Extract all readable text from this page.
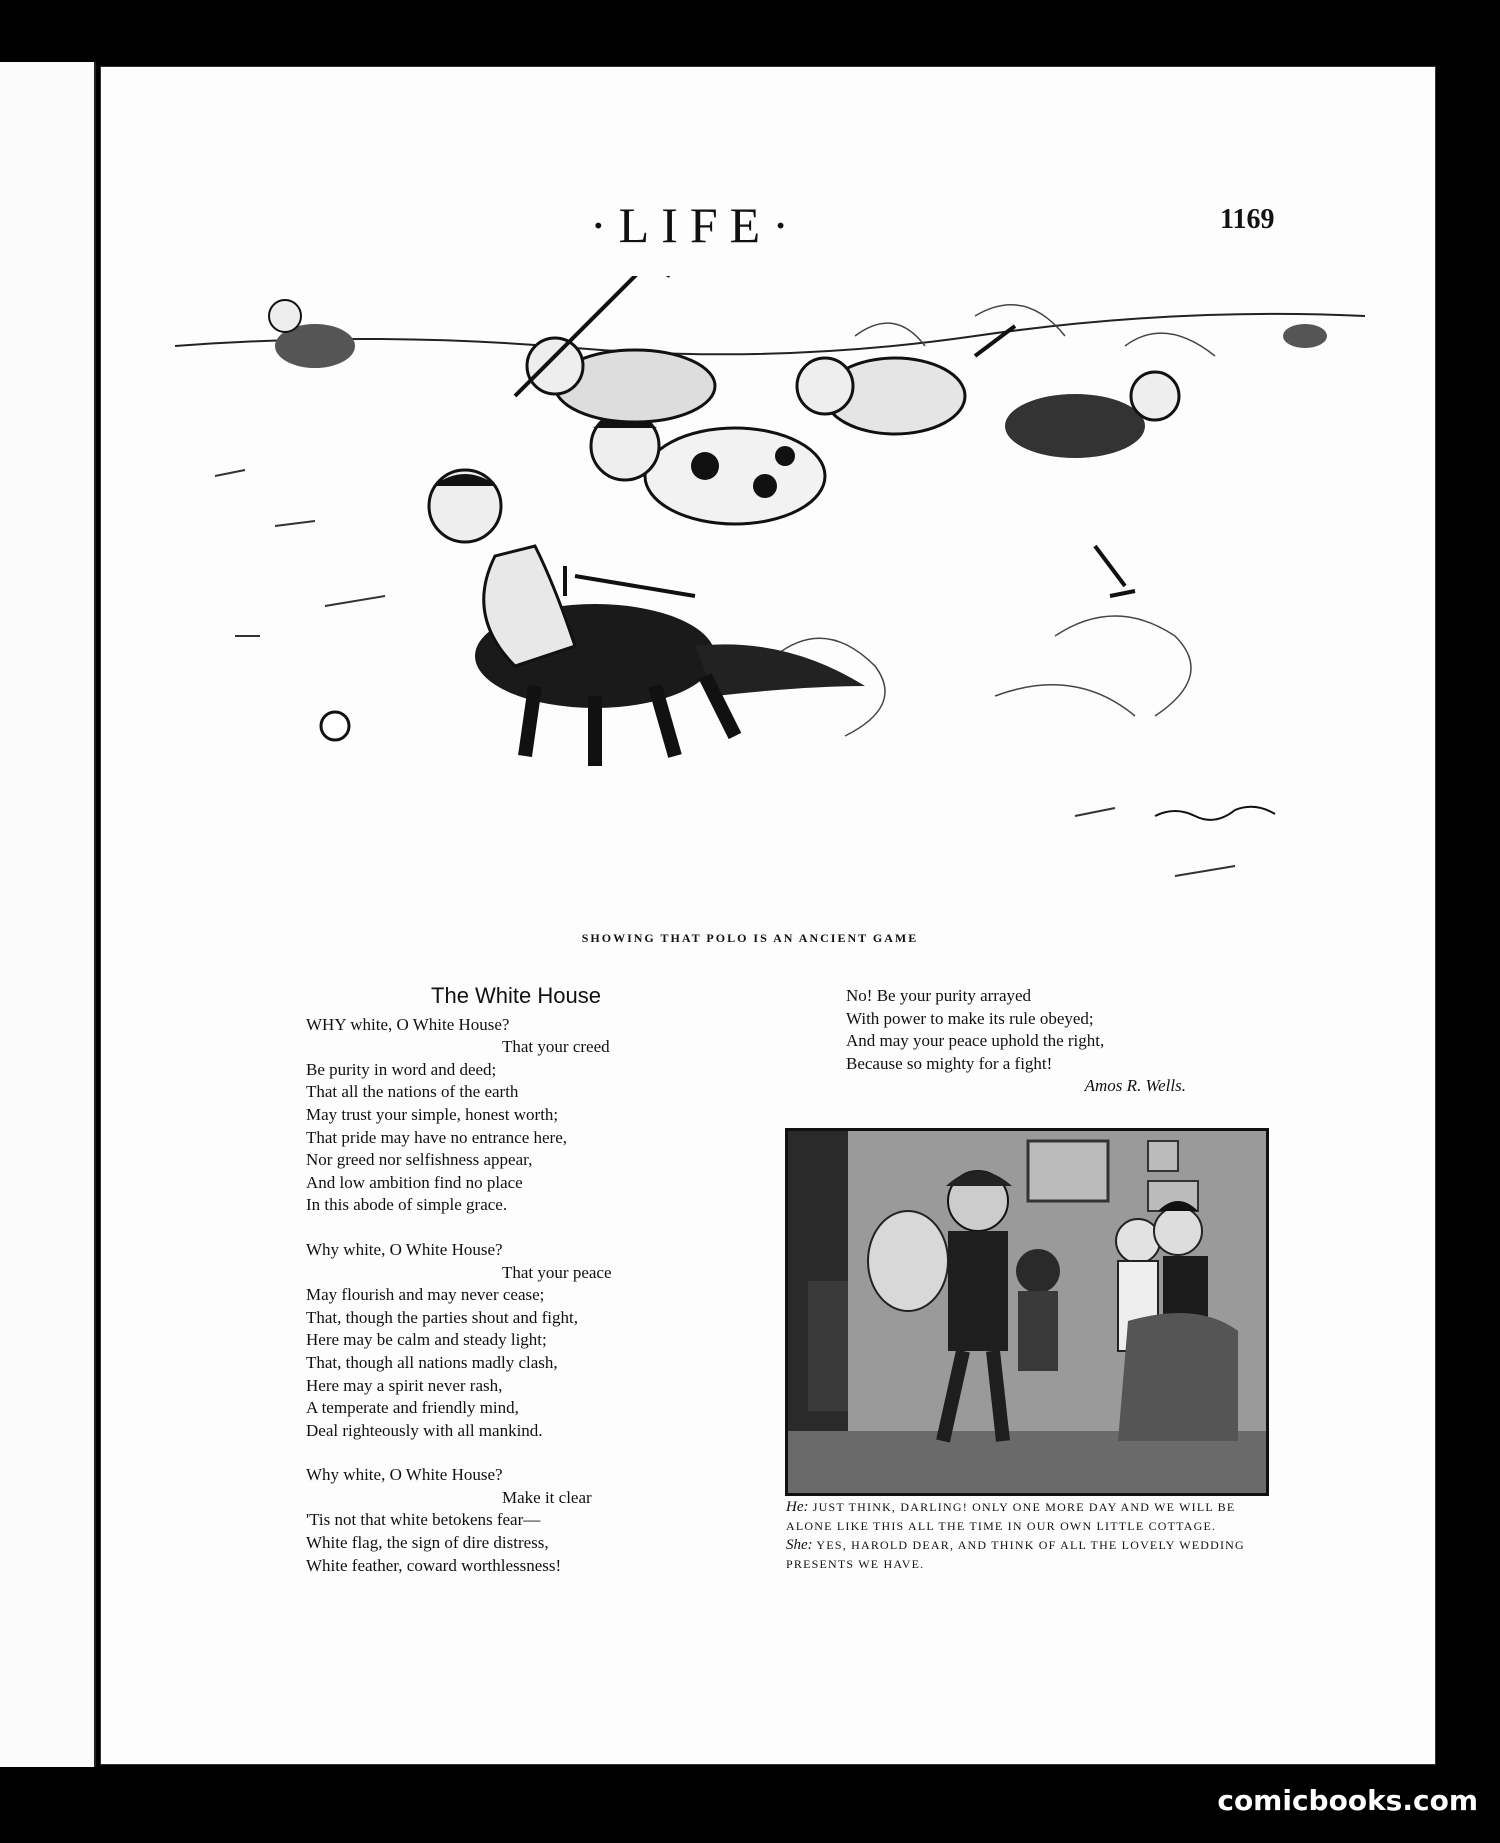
·LIFE·	1169
SHOWING THAT POLO IS AN ANCIENT GAME
The White House
WHY white, O White House?
That your creed
Be purity in word and deed;
That all the nations of the earth
May trust your simple, honest worth;
That pride may have no entrance here,
Nor greed nor selfishness appear,
And low ambition find no place
In this abode of simple grace.
Why white, O White House?
That your peace
May flourish and may never cease;
That, though the parties shout and fight,
Here may be calm and steady light;
That, though all nations madly clash,
Here may a spirit never rash,
A temperate and friendly mind,
Deal righteously with all mankind.
Why white, O White House?
Make it clear
'Tis not that white betokens fear—
White flag, the sign of dire distress,
White feather, coward worthlessness!
No! Be your purity arrayed
With power to make its rule obeyed;
And may your peace uphold the right,
Because so mighty for a fight!
Amos R. Wells.
He: JUST THINK, DARLING! ONLY ONE MORE DAY AND WE WILL BE ALONE LIKE THIS ALL THE TIME IN OUR OWN LITTLE COTTAGE.
She: YES, HAROLD DEAR, AND THINK OF ALL THE LOVELY WEDDING PRESENTS WE HAVE.
comicbooks.com
